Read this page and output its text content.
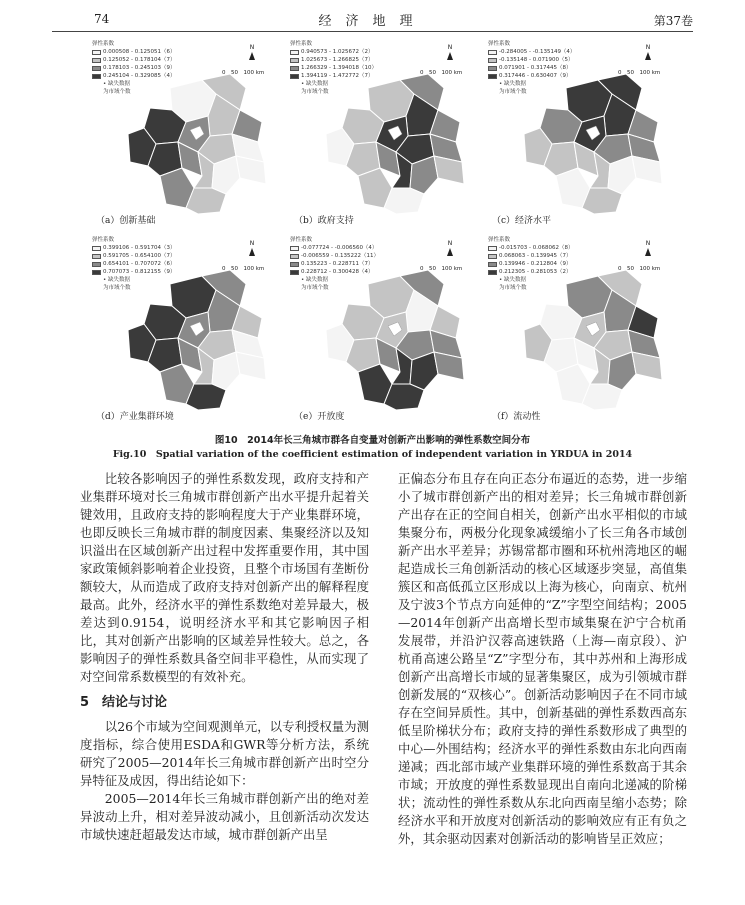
74	经济地理	第37卷
弹性系数
0.000508 - 0.125051（6）
0.125052 - 0.178104（7）
0.178103 - 0.245103（9）
0.245104 - 0.329085（4）
• 缺失数据
为市域个数
N
0　50　100 km
（a）创新基础
弹性系数
0.940573 - 1.025672（2）
1.025673 - 1.266825（7）
1.266329 - 1.394018（10）
1.394119 - 1.472772（7）
• 缺失数据
为市域个数
N
0　50　100 km
（b）政府支持
弹性系数
-0.284005 - -0.135149（4）
-0.135148 - 0.071900（5）
0.071901 - 0.317445（8）
0.317446 - 0.630407（9）
• 缺失数据
为市域个数
N
0　50　100 km
（c）经济水平
弹性系数
0.399106 - 0.591704（3）
0.591705 - 0.654100（7）
0.654101 - 0.707072（6）
0.707073 - 0.812155（9）
• 缺失数据
为市域个数
N
0　50　100 km
（d）产业集群环境
弹性系数
-0.077724 - -0.006560（4）
-0.006559 - 0.135222（11）
0.135223 - 0.228711（7）
0.228712 - 0.300428（4）
• 缺失数据
为市域个数
N
0　50　100 km
（e）开放度
弹性系数
-0.015703 - 0.068062（8）
0.068063 - 0.139945（7）
0.139946 - 0.212804（9）
0.212305 - 0.281053（2）
• 缺失数据
为市域个数
N
0　50　100 km
（f）流动性
图10　2014年长三角城市群各自变量对创新产出影响的弹性系数空间分布
Fig.10　Spatial variation of the coefficient estimation of independent variation in YRDUA in 2014

比较各影响因子的弹性系数发现，政府支持和产业集群环境对长三角城市群创新产出水平提升起着关键效用，且政府支持的影响程度大于产业集群环境，也即反映长三角城市群的制度因素、集聚经济以及知识溢出在区域创新产出过程中发挥重要作用，其中国家政策倾斜影响着企业投资，且整个市场国有垄断份额较大，从而造成了政府支持对创新产出的解释程度最高。此外，经济水平的弹性系数绝对差异最大，极差达到0.9154，说明经济水平和其它影响因子相比，其对创新产出影响的区域差异性较大。总之，各影响因子的弹性系数具备空间非平稳性，从而实现了对空间常系数模型的有效补充。

5　结论与讨论

以26个市域为空间观测单元，以专利授权量为测度指标，综合使用ESDA和GWR等分析方法，系统研究了2005—2014年长三角城市群创新产出时空分异特征及成因，得出结论如下：

2005—2014年长三角城市群创新产出的绝对差异波动上升，相对差异波动减小，且创新活动次发达市域快速赶超最发达市域，城市群创新产出呈

正偏态分布且存在向正态分布逼近的态势，进一步缩小了城市群创新产出的相对差异；长三角城市群创新产出存在正的空间自相关，创新产出水平相似的市域集聚分布，两极分化现象减缓缩小了长三角各市域创新产出水平差异；苏锡常都市圈和环杭州湾地区的崛起造成长三角创新活动的核心区域逐步突显，高值集簇区和高低孤立区形成以上海为核心，向南京、杭州及宁波3个节点方向延伸的“Z”字型空间结构；2005—2014年创新产出高增长型市域集聚在沪宁合杭甬发展带，并沿沪汉蓉高速铁路（上海—南京段）、沪杭甬高速公路呈“Z”字型分布，其中苏州和上海形成创新产出高增长市域的显著集聚区，成为引领城市群创新发展的“双核心”。创新活动影响因子在不同市域存在空间异质性。其中，创新基础的弹性系数西高东低呈阶梯状分布；政府支持的弹性系数形成了典型的中心—外围结构；经济水平的弹性系数由东北向西南递减；西北部市域产业集群环境的弹性系数高于其余市域；开放度的弹性系数显现出自南向北递减的阶梯状；流动性的弹性系数从东北向西南呈缩小态势；除经济水平和开放度对创新活动的影响效应有正有负之外，其余驱动因素对创新活动的影响皆呈正效应；
